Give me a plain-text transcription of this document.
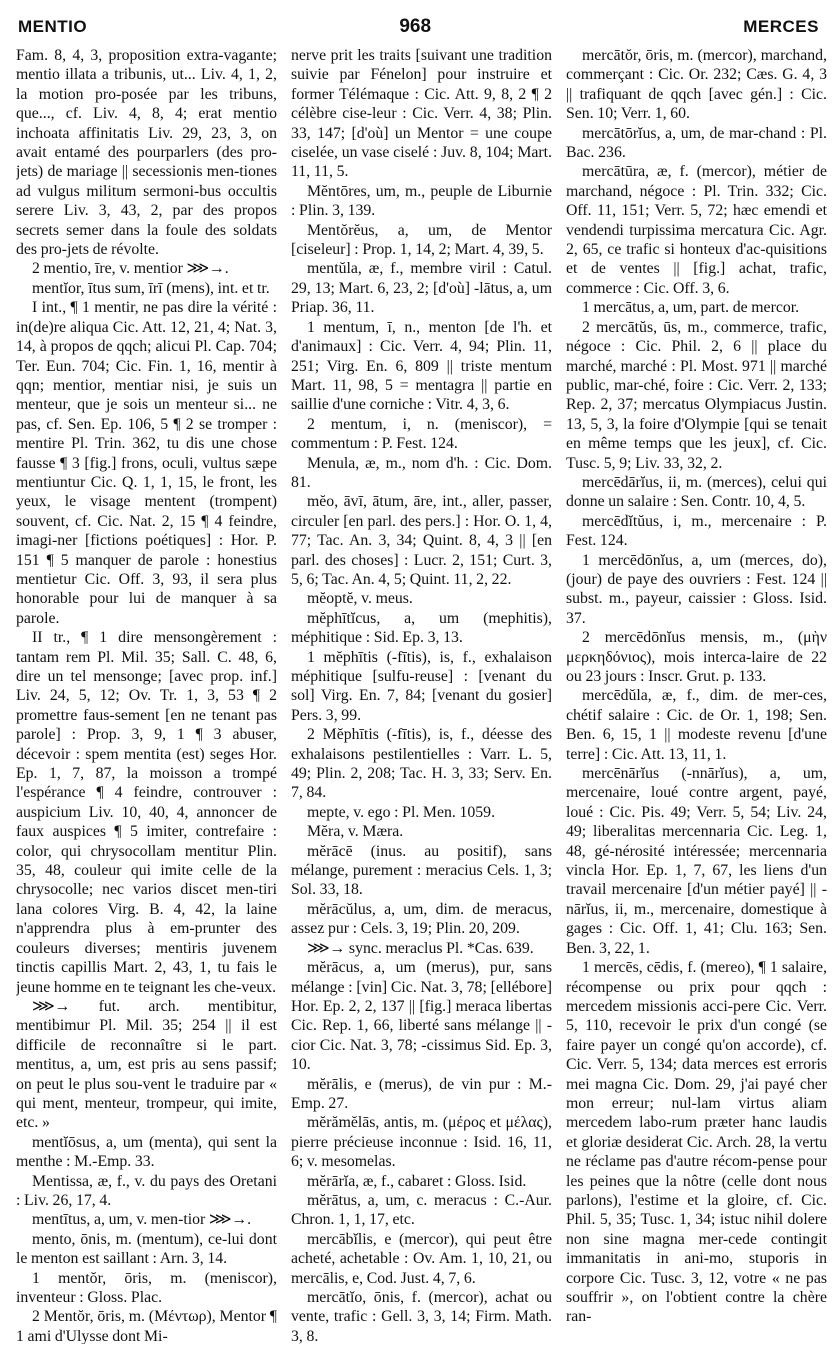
MENTIO	968	MERCES

Fam. 8, 4, 3, proposition extra-vagante; mentio illata a tribunis, ut... Liv. 4, 1, 2, la motion pro-posée par les tribuns, que..., cf. Liv. 4, 8, 4; erat mentio inchoata affinitatis Liv. 29, 23, 3, on avait entamé des pourparlers (des pro-jets) de mariage || secessionis men-tiones ad vulgus militum sermoni-bus occultis serere Liv. 3, 43, 2, par des propos secrets semer dans la foule des soldats des pro-jets de révolte.

2 mentio, īre, v. mentior ⋙→.

mentĭor, ītus sum, īrī (mens), int. et tr.

I int., ¶ 1 mentir, ne pas dire la vérité : in(de)re aliqua Cic. Att. 12, 21, 4; Nat. 3, 14, à propos de qqch; alicui Pl. Cap. 704; Ter. Eun. 704; Cic. Fin. 1, 16, mentir à qqn; mentior, mentiar nisi, je suis un menteur, que je sois un menteur si... ne pas, cf. Sen. Ep. 106, 5 ¶ 2 se tromper : mentire Pl. Trin. 362, tu dis une chose fausse ¶ 3 [fig.] frons, oculi, vultus sæpe mentiuntur Cic. Q. 1, 1, 15, le front, les yeux, le visage mentent (trompent) souvent, cf. Cic. Nat. 2, 15 ¶ 4 feindre, imagi-ner [fictions poétiques] : Hor. P. 151 ¶ 5 manquer de parole : honestius mentietur Cic. Off. 3, 93, il sera plus honorable pour lui de manquer à sa parole.

II tr., ¶ 1 dire mensongèrement : tantam rem Pl. Mil. 35; Sall. C. 48, 6, dire un tel mensonge; [avec prop. inf.] Liv. 24, 5, 12; Ov. Tr. 1, 3, 53 ¶ 2 promettre faus-sement [en ne tenant pas parole] : Prop. 3, 9, 1 ¶ 3 abuser, décevoir : spem mentita (est) seges Hor. Ep. 1, 7, 87, la moisson a trompé l'espérance ¶ 4 feindre, controuver : auspicium Liv. 10, 40, 4, annoncer de faux auspices ¶ 5 imiter, contrefaire : color, qui chrysocollam mentitur Plin. 35, 48, couleur qui imite celle de la chrysocolle; nec varios discet men-tiri lana colores Virg. B. 4, 42, la laine n'apprendra plus à em-prunter des couleurs diverses; mentiris juvenem tinctis capillis Mart. 2, 43, 1, tu fais le jeune homme en te teignant les che-veux.

⋙→ fut. arch. mentibitur, mentibimur Pl. Mil. 35; 254 || il est difficile de reconnaître si le part. mentitus, a, um, est pris au sens passif; on peut le plus sou-vent le traduire par « qui ment, menteur, trompeur, qui imite, etc. »

mentĭōsus, a, um (menta), qui sent la menthe : M.-Emp. 33.

Mentissa, æ, f., v. du pays des Oretani : Liv. 26, 17, 4.

mentītus, a, um, v. men-tior ⋙→.

mento, ōnis, m. (mentum), ce-lui dont le menton est saillant : Arn. 3, 14.

1 mentŏr, ōris, m. (meniscor), inventeur : Gloss. Plac.

2 Mentŏr, ōris, m. (Μέντωρ), Mentor ¶ 1 ami d'Ulysse dont Mi-

nerve prit les traits [suivant une tradition suivie par Fénelon] pour instruire et former Télémaque : Cic. Att. 9, 8, 2 ¶ 2 célèbre cise-leur : Cic. Verr. 4, 38; Plin. 33, 147; [d'où] un Mentor = une coupe ciselée, un vase ciselé : Juv. 8, 104; Mart. 11, 11, 5.

Mĕntōres, um, m., peuple de Liburnie : Plin. 3, 139.

Mentŏrĕus, a, um, de Mentor [ciseleur] : Prop. 1, 14, 2; Mart. 4, 39, 5.

mentŭla, æ, f., membre viril : Catul. 29, 13; Mart. 6, 23, 2; [d'où] -lātus, a, um Priap. 36, 11.

1 mentum, ī, n., menton [de l'h. et d'animaux] : Cic. Verr. 4, 94; Plin. 11, 251; Virg. En. 6, 809 || triste mentum Mart. 11, 98, 5 = mentagra || partie en saillie d'une corniche : Vitr. 4, 3, 6.

2 mentum, i, n. (meniscor), = commentum : P. Fest. 124.

Menula, æ, m., nom d'h. : Cic. Dom. 81.

mĕo, āvī, ātum, āre, int., aller, passer, circuler [en parl. des pers.] : Hor. O. 1, 4, 77; Tac. An. 3, 34; Quint. 8, 4, 3 || [en parl. des choses] : Lucr. 2, 151; Curt. 3, 5, 6; Tac. An. 4, 5; Quint. 11, 2, 22.

mĕoptĕ, v. meus.

mĕphītĭcus, a, um (mephitis), méphitique : Sid. Ep. 3, 13.

1 mĕphītis (-fītis), is, f., exhalaison méphitique [sulfu-reuse] : [venant du sol] Virg. En. 7, 84; [venant du gosier] Pers. 3, 99.

2 Mĕphītis (-fītis), is, f., déesse des exhalaisons pestilentielles : Varr. L. 5, 49; Plin. 2, 208; Tac. H. 3, 33; Serv. En. 7, 84.

mepte, v. ego : Pl. Men. 1059.

Mĕra, v. Mæra.

mĕrācē (inus. au positif), sans mélange, purement : meracius Cels. 1, 3; Sol. 33, 18.

mĕrācŭlus, a, um, dim. de meracus, assez pur : Cels. 3, 19; Plin. 20, 209.

⋙→ sync. meraclus Pl. *Cas. 639.

mĕrācus, a, um (merus), pur, sans mélange : [vin] Cic. Nat. 3, 78; [ellébore] Hor. Ep. 2, 2, 137 || [fig.] meraca libertas Cic. Rep. 1, 66, liberté sans mélange || -cior Cic. Nat. 3, 78; -cissimus Sid. Ep. 3, 10.

mĕrālis, e (merus), de vin pur : M.-Emp. 27.

mĕrămĕlās, antis, m. (μέρος et μέλας), pierre précieuse inconnue : Isid. 16, 11, 6; v. mesomelas.

mĕrārĭa, æ, f., cabaret : Gloss. Isid.

mĕrātus, a, um, c. meracus : C.-Aur. Chron. 1, 1, 17, etc.

mercābĭlis, e (mercor), qui peut être acheté, achetable : Ov. Am. 1, 10, 21, ou mercālis, e, Cod. Just. 4, 7, 6.

mercātĭo, ōnis, f. (mercor), achat ou vente, trafic : Gell. 3, 3, 14; Firm. Math. 3, 8.

mercātŏr, ōris, m. (mercor), marchand, commerçant : Cic. Or. 232; Cæs. G. 4, 3 || trafiquant de qqch [avec gén.] : Cic. Sen. 10; Verr. 1, 60.

mercātōrĭus, a, um, de mar-chand : Pl. Bac. 236.

mercātūra, æ, f. (mercor), métier de marchand, négoce : Pl. Trin. 332; Cic. Off. 11, 151; Verr. 5, 72; hæc emendi et vendendi turpissima mercatura Cic. Agr. 2, 65, ce trafic si honteux d'ac-quisitions et de ventes || [fig.] achat, trafic, commerce : Cic. Off. 3, 6.

1 mercātus, a, um, part. de mercor.

2 mercātŭs, ūs, m., commerce, trafic, négoce : Cic. Phil. 2, 6 || place du marché, marché : Pl. Most. 971 || marché public, mar-ché, foire : Cic. Verr. 2, 133; Rep. 2, 37; mercatus Olympiacus Justin. 13, 5, 3, la foire d'Olympie [qui se tenait en même temps que les jeux], cf. Cic. Tusc. 5, 9; Liv. 33, 32, 2.

mercēdārĭus, ii, m. (merces), celui qui donne un salaire : Sen. Contr. 10, 4, 5.

mercēdĭtŭus, i, m., mercenaire : P. Fest. 124.

1 mercēdōnĭus, a, um (merces, do), (jour) de paye des ouvriers : Fest. 124 || subst. m., payeur, caissier : Gloss. Isid. 37.

2 mercēdōnĭus mensis, m., (μὴν μερκηδόνιος), mois interca-laire de 22 ou 23 jours : Inscr. Grut. p. 133.

mercēdŭla, æ, f., dim. de mer-ces, chétif salaire : Cic. de Or. 1, 198; Sen. Ben. 6, 15, 1 || modeste revenu [d'une terre] : Cic. Att. 13, 11, 1.

mercēnārĭus (-nnārĭus), a, um, mercenaire, loué contre argent, payé, loué : Cic. Pis. 49; Verr. 5, 54; Liv. 24, 49; liberalitas mercennaria Cic. Leg. 1, 48, gé-nérosité intéressée; mercennaria vincla Hor. Ep. 1, 7, 67, les liens d'un travail mercenaire [d'un métier payé] || -nārĭus, ii, m., mercenaire, domestique à gages : Cic. Off. 1, 41; Clu. 163; Sen. Ben. 3, 22, 1.

1 mercēs, cēdis, f. (mereo), ¶ 1 salaire, récompense ou prix pour qqch : mercedem missionis acci-pere Cic. Verr. 5, 110, recevoir le prix d'un congé (se faire payer un congé qu'on accorde), cf. Cic. Verr. 5, 134; data merces est erroris mei magna Cic. Dom. 29, j'ai payé cher mon erreur; nul-lam virtus aliam mercedem labo-rum præter hanc laudis et gloriæ desiderat Cic. Arch. 28, la vertu ne réclame pas d'autre récom-pense pour les peines que la nôtre (celle dont nous parlons), l'estime et la gloire, cf. Cic. Phil. 5, 35; Tusc. 1, 34; istuc nihil dolere non sine magna mer-cede contingit immanitatis in ani-mo, stuporis in corpore Cic. Tusc. 3, 12, votre « ne pas souffrir », on l'obtient contre la chère ran-
